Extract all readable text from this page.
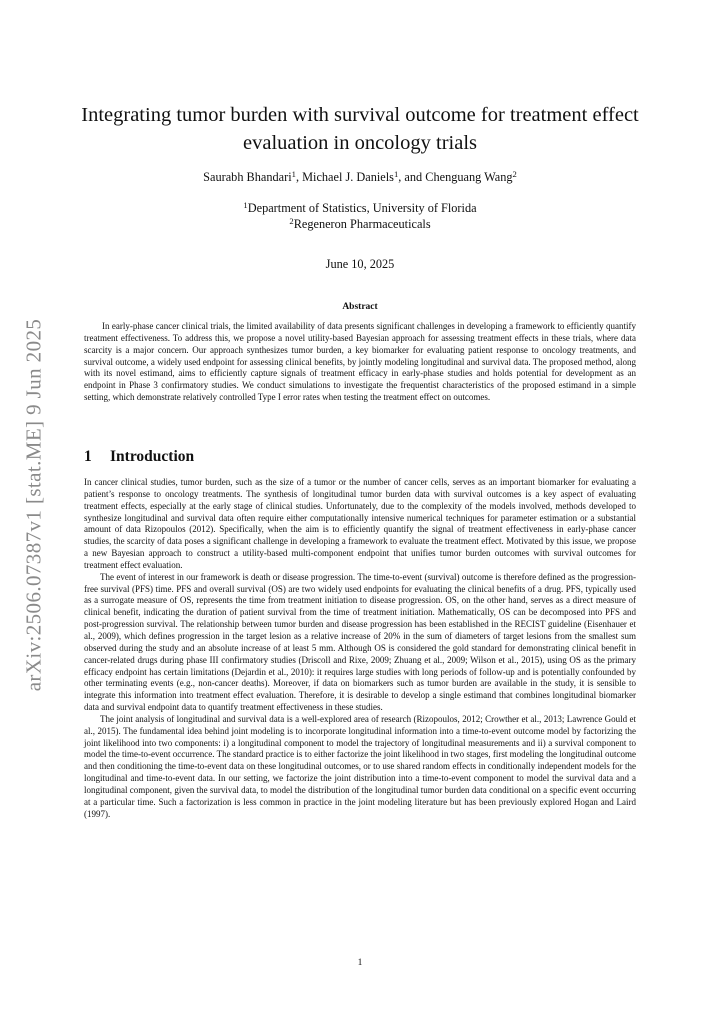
arXiv:2506.07387v1 [stat.ME] 9 Jun 2025
Integrating tumor burden with survival outcome for treatment effect evaluation in oncology trials
Saurabh Bhandari$^1$, Michael J. Daniels$^1$, and Chenguang Wang$^2$
$^1$Department of Statistics, University of Florida
$^2$Regeneron Pharmaceuticals
June 10, 2025
Abstract
In early-phase cancer clinical trials, the limited availability of data presents significant challenges in developing a framework to efficiently quantify treatment effectiveness. To address this, we propose a novel utility-based Bayesian approach for assessing treatment effects in these trials, where data scarcity is a major concern. Our approach synthesizes tumor burden, a key biomarker for evaluating patient response to oncology treatments, and survival outcome, a widely used endpoint for assessing clinical benefits, by jointly modeling longitudinal and survival data. The proposed method, along with its novel estimand, aims to efficiently capture signals of treatment efficacy in early-phase studies and holds potential for development as an endpoint in Phase 3 confirmatory studies. We conduct simulations to investigate the frequentist characteristics of the proposed estimand in a simple setting, which demonstrate relatively controlled Type I error rates when testing the treatment effect on outcomes.
1 Introduction

In cancer clinical studies, tumor burden, such as the size of a tumor or the number of cancer cells, serves as an important biomarker for evaluating a patient’s response to oncology treatments. The synthesis of longitudinal tumor burden data with survival outcomes is a key aspect of evaluating treatment effects, especially at the early stage of clinical studies. Unfortunately, due to the complexity of the models involved, methods developed to synthesize longitudinal and survival data often require either computationally intensive numerical techniques for parameter estimation or a substantial amount of data Rizopoulos (2012). Specifically, when the aim is to efficiently quantify the signal of treatment effectiveness in early-phase cancer studies, the scarcity of data poses a significant challenge in developing a framework to evaluate the treatment effect. Motivated by this issue, we propose a new Bayesian approach to construct a utility-based multi-component endpoint that unifies tumor burden outcomes with survival outcomes for treatment effect evaluation.

The event of interest in our framework is death or disease progression. The time-to-event (survival) outcome is therefore defined as the progression-free survival (PFS) time. PFS and overall survival (OS) are two widely used endpoints for evaluating the clinical benefits of a drug. PFS, typically used as a surrogate measure of OS, represents the time from treatment initiation to disease progression. OS, on the other hand, serves as a direct measure of clinical benefit, indicating the duration of patient survival from the time of treatment initiation. Mathematically, OS can be decomposed into PFS and post-progression survival. The relationship between tumor burden and disease progression has been established in the RECIST guideline (Eisenhauer et al., 2009), which defines progression in the target lesion as a relative increase of 20% in the sum of diameters of target lesions from the smallest sum observed during the study and an absolute increase of at least 5 mm. Although OS is considered the gold standard for demonstrating clinical benefit in cancer-related drugs during phase III confirmatory studies (Driscoll and Rixe, 2009; Zhuang et al., 2009; Wilson et al., 2015), using OS as the primary efficacy endpoint has certain limitations (Dejardin et al., 2010): it requires large studies with long periods of follow-up and is potentially confounded by other terminating events (e.g., non-cancer deaths). Moreover, if data on biomarkers such as tumor burden are available in the study, it is sensible to integrate this information into treatment effect evaluation. Therefore, it is desirable to develop a single estimand that combines longitudinal biomarker data and survival endpoint data to quantify treatment effectiveness in these studies.

The joint analysis of longitudinal and survival data is a well-explored area of research (Rizopoulos, 2012; Crowther et al., 2013; Lawrence Gould et al., 2015). The fundamental idea behind joint modeling is to incorporate longitudinal information into a time-to-event outcome model by factorizing the joint likelihood into two components: i) a longitudinal component to model the trajectory of longitudinal measurements and ii) a survival component to model the time-to-event occurrence. The standard practice is to either factorize the joint likelihood in two stages, first modeling the longitudinal outcome and then conditioning the time-to-event data on these longitudinal outcomes, or to use shared random effects in conditionally independent models for the longitudinal and time-to-event data. In our setting, we factorize the joint distribution into a time-to-event component to model the survival data and a longitudinal component, given the survival data, to model the distribution of the longitudinal tumor burden data conditional on a specific event occurring at a particular time. Such a factorization is less common in practice in the joint modeling literature but has been previously explored Hogan and Laird (1997).

1
